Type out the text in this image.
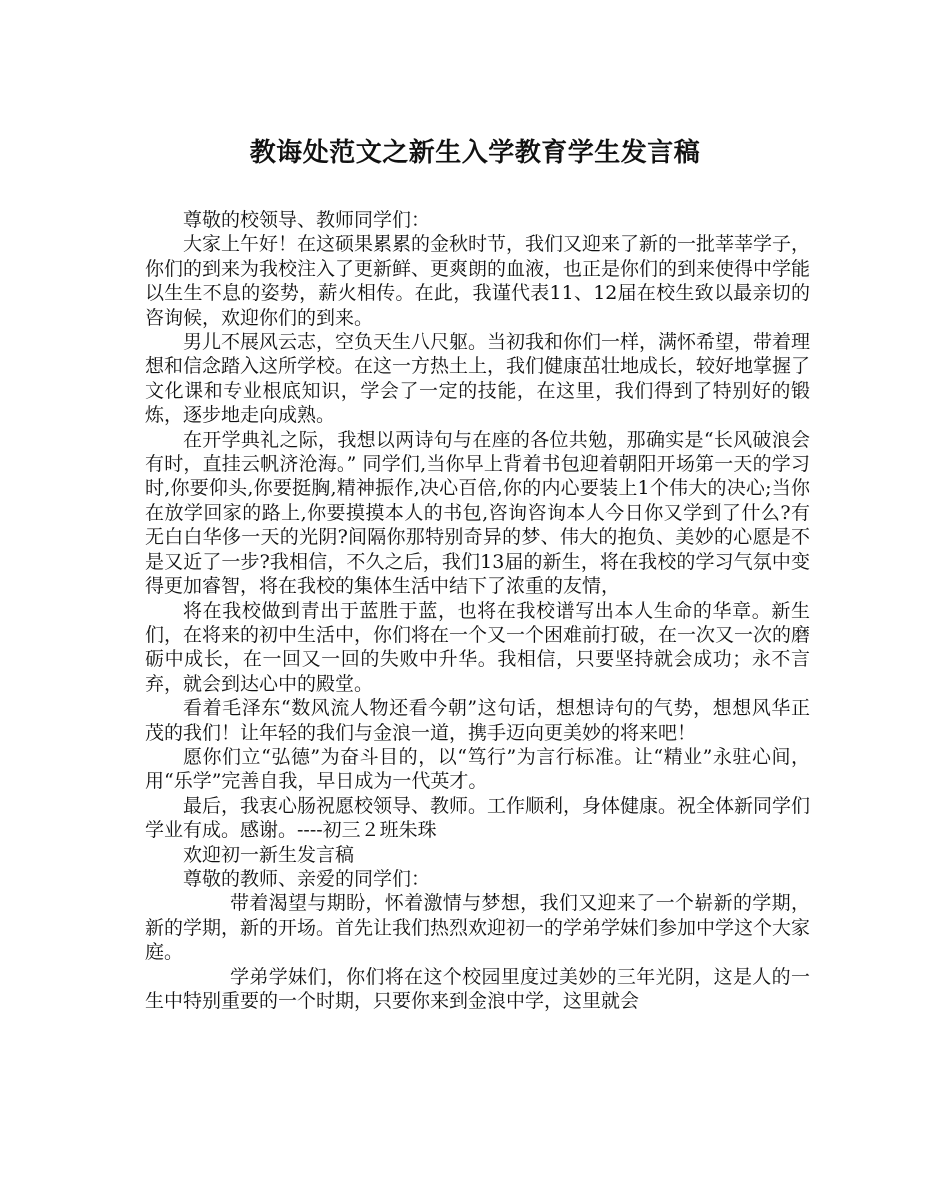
教诲处范文之新生入学教育学生发言稿

尊敬的校领导、教师同学们：

大家上午好！在这硕果累累的金秋时节，我们又迎来了新的一批莘莘学子，你们的到来为我校注入了更新鲜、更爽朗的血液，也正是你们的到来使得中学能以生生不息的姿势，薪火相传。在此，我谨代表11、12届在校生致以最亲切的咨询候，欢迎你们的到来。

男儿不展风云志，空负天生八尺躯。当初我和你们一样，满怀希望，带着理想和信念踏入这所学校。在这一方热土上，我们健康茁壮地成长，较好地掌握了文化课和专业根底知识，学会了一定的技能，在这里，我们得到了特别好的锻炼，逐步地走向成熟。

在开学典礼之际，我想以两诗句与在座的各位共勉，那确实是“长风破浪会有时，直挂云帆济沧海。” 同学们,当你早上背着书包迎着朝阳开场第一天的学习时,你要仰头,你要挺胸,精神振作,决心百倍,你的内心要装上1个伟大的决心;当你在放学回家的路上,你要摸摸本人的书包,咨询咨询本人今日你又学到了什么?有无白白华侈一天的光阴?间隔你那特别奇异的梦、伟大的抱负、美妙的心愿是不是又近了一步?我相信，不久之后，我们13届的新生，将在我校的学习气氛中变得更加睿智，将在我校的集体生活中结下了浓重的友情，

将在我校做到青出于蓝胜于蓝，也将在我校谱写出本人生命的华章。新生们，在将来的初中生活中，你们将在一个又一个困难前打破，在一次又一次的磨砺中成长，在一回又一回的失败中升华。我相信，只要坚持就会成功；永不言弃，就会到达心中的殿堂。

看着毛泽东“数风流人物还看今朝”这句话，想想诗句的气势，想想风华正茂的我们！让年轻的我们与金浪一道，携手迈向更美妙的将来吧！

愿你们立“弘德”为奋斗目的，以“笃行”为言行标准。让“精业”永驻心间，用“乐学”完善自我，早日成为一代英才。

最后，我衷心肠祝愿校领导、教师。工作顺利，身体健康。祝全体新同学们学业有成。感谢。----初三２班朱珠

欢迎初一新生发言稿

尊敬的教师、亲爱的同学们：

带着渴望与期盼，怀着激情与梦想，我们又迎来了一个崭新的学期，新的学期，新的开场。首先让我们热烈欢迎初一的学弟学妹们参加中学这个大家庭。

学弟学妹们，你们将在这个校园里度过美妙的三年光阴，这是人的一生中特别重要的一个时期，只要你来到金浪中学，这里就会
